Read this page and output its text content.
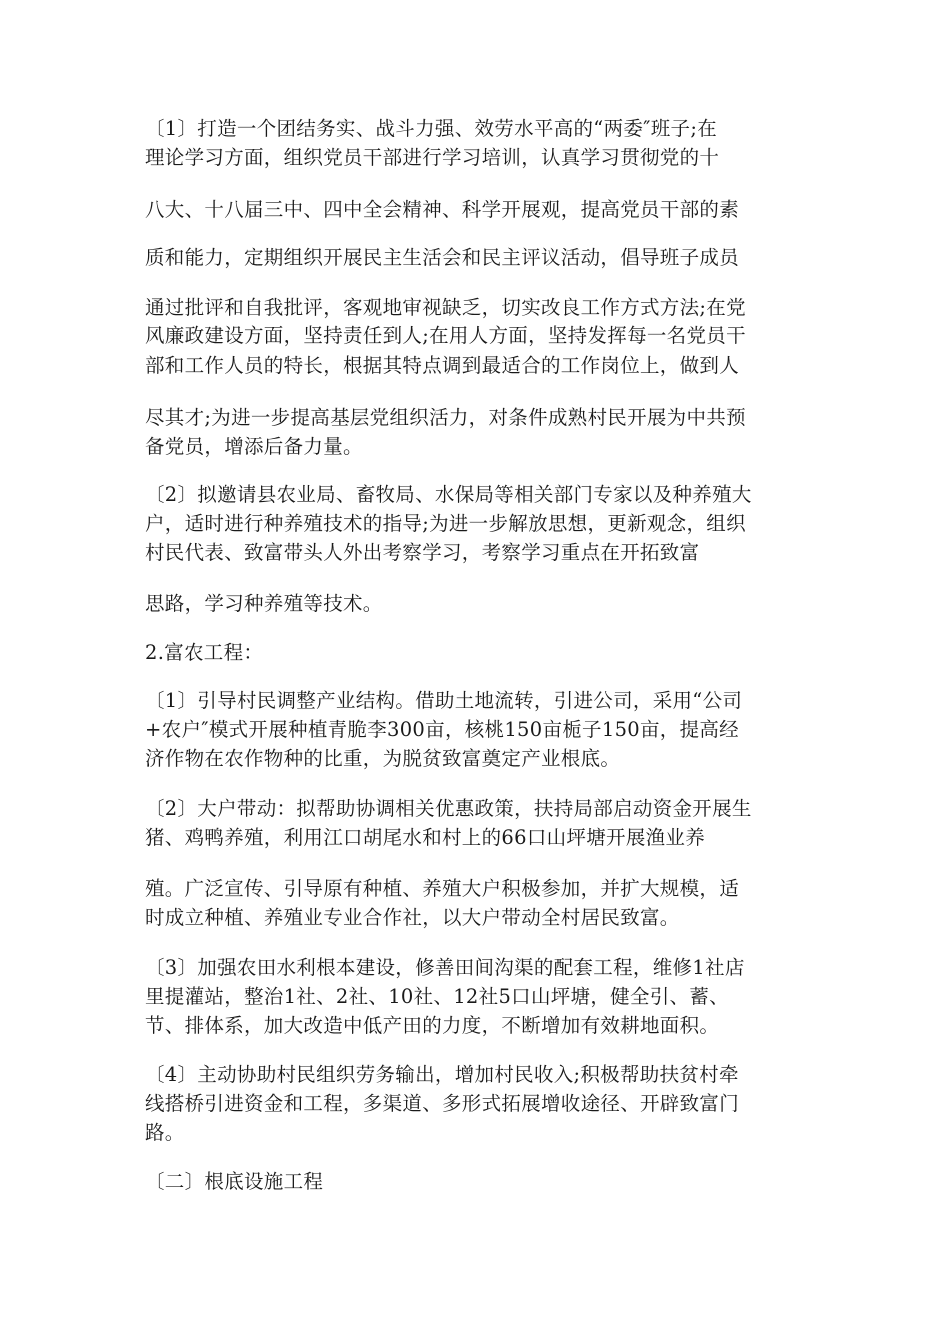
〔1〕打造一个团结务实、战斗力强、效劳水平高的“两委″班子;在
理论学习方面，组织党员干部进行学习培训，认真学习贯彻党的十
八大、十八届三中、四中全会精神、科学开展观，提高党员干部的素
质和能力，定期组织开展民主生活会和民主评议活动，倡导班子成员
通过批评和自我批评，客观地审视缺乏，切实改良工作方式方法;在党
风廉政建设方面，坚持责任到人;在用人方面，坚持发挥每一名党员干
部和工作人员的特长，根据其特点调到最适合的工作岗位上，做到人
尽其才;为进一步提高基层党组织活力，对条件成熟村民开展为中共预
备党员，增添后备力量。
〔2〕拟邀请县农业局、畜牧局、水保局等相关部门专家以及种养殖大
户，适时进行种养殖技术的指导;为进一步解放思想，更新观念，组织
村民代表、致富带头人外出考察学习，考察学习重点在开拓致富
思路，学习种养殖等技术。
2.富农工程：
〔1〕引导村民调整产业结构。借助土地流转，引进公司，采用“公司
+农户″模式开展种植青脆李300亩，核桃150亩栀子150亩，提高经
济作物在农作物种的比重，为脱贫致富奠定产业根底。
〔2〕大户带动：拟帮助协调相关优惠政策，扶持局部启动资金开展生
猪、鸡鸭养殖，利用江口胡尾水和村上的66口山坪塘开展渔业养
殖。广泛宣传、引导原有种植、养殖大户积极参加，并扩大规模，适
时成立种植、养殖业专业合作社，以大户带动全村居民致富。
〔3〕加强农田水利根本建设，修善田间沟渠的配套工程，维修1社店
里提灌站，整治1社、2社、10社、12社5口山坪塘，健全引、蓄、
节、排体系，加大改造中低产田的力度，不断增加有效耕地面积。
〔4〕主动协助村民组织劳务输出，增加村民收入;积极帮助扶贫村牵
线搭桥引进资金和工程，多渠道、多形式拓展增收途径、开辟致富门
路。
〔二〕根底设施工程
